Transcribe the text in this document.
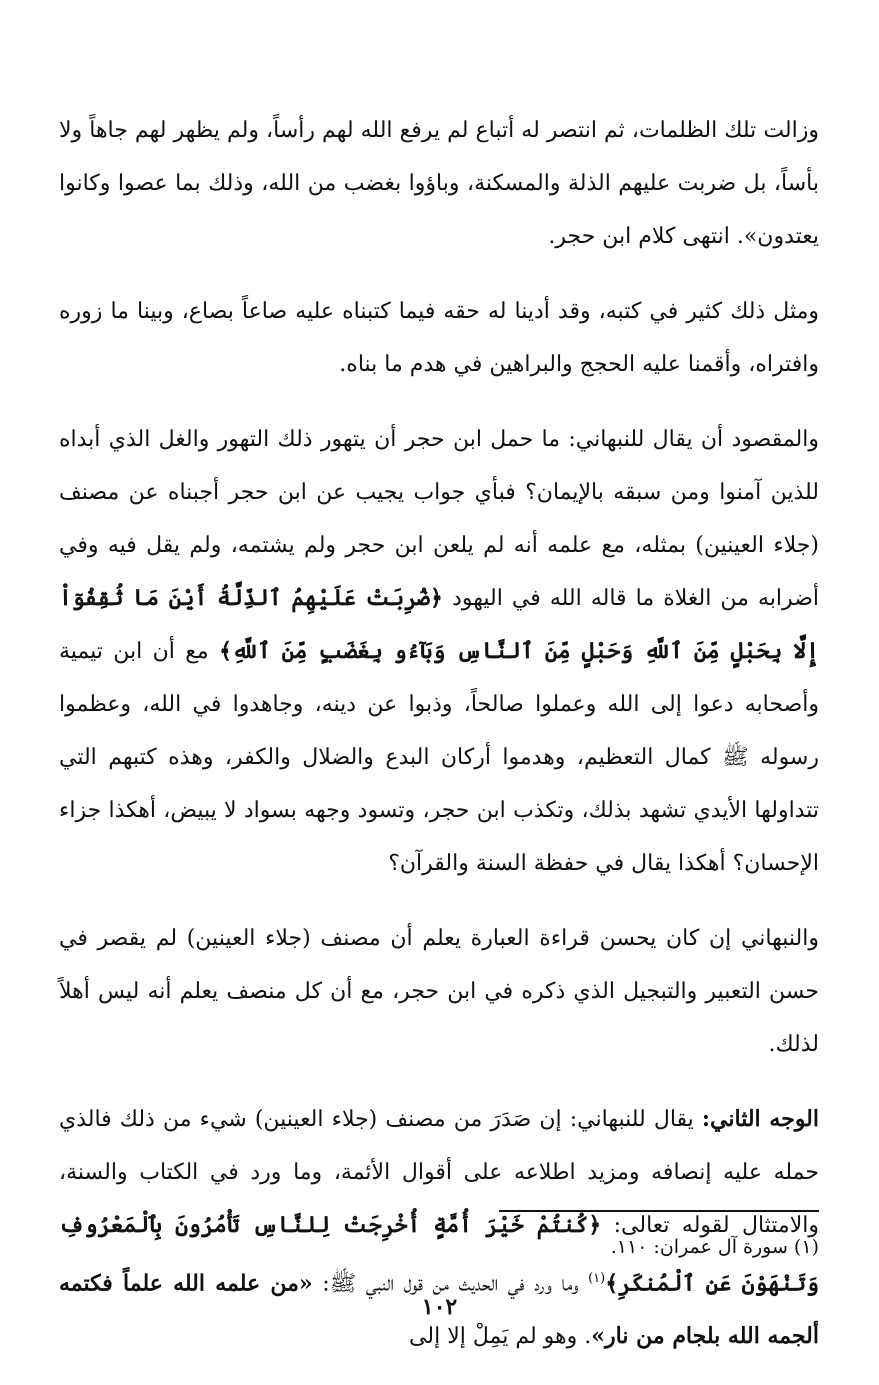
وزالت تلك الظلمات، ثم انتصر له أتباع لم يرفع الله لهم رأساً، ولم يظهر لهم جاهاً ولا بأساً، بل ضربت عليهم الذلة والمسكنة، وباؤوا بغضب من الله، وذلك بما عصوا وكانوا يعتدون». انتهى كلام ابن حجر.

ومثل ذلك كثير في كتبه، وقد أدينا له حقه فيما كتبناه عليه صاعاً بصاع، وبينا ما زوره وافتراه، وأقمنا عليه الحجج والبراهين في هدم ما بناه.

والمقصود أن يقال للنبهاني: ما حمل ابن حجر أن يتهور ذلك التهور والغل الذي أبداه للذين آمنوا ومن سبقه بالإيمان؟ فبأي جواب يجيب عن ابن حجر أجبناه عن مصنف (جلاء العينين) بمثله، مع علمه أنه لم يلعن ابن حجر ولم يشتمه، ولم يقل فيه وفي أضرابه من الغلاة ما قاله الله في اليهود ﴿ضُرِبَتْ عَلَيْهِمُ ٱلذِّلَّةُ أَيْنَ مَا ثُقِفُوٓاْ إِلَّا بِحَبْلٍ مِّنَ ٱللَّهِ وَحَبْلٍ مِّنَ ٱلنَّاسِ وَبَآءُو بِغَضَبٍ مِّنَ ٱللَّهِ﴾ مع أن ابن تيمية وأصحابه دعوا إلى الله وعملوا صالحاً، وذبوا عن دينه، وجاهدوا في الله، وعظموا رسوله ﷺ كمال التعظيم، وهدموا أركان البدع والضلال والكفر، وهذه كتبهم التي تتداولها الأيدي تشهد بذلك، وتكذب ابن حجر، وتسود وجهه بسواد لا يبيض، أهكذا جزاء الإحسان؟ أهكذا يقال في حفظة السنة والقرآن؟

والنبهاني إن كان يحسن قراءة العبارة يعلم أن مصنف (جلاء العينين) لم يقصر في حسن التعبير والتبجيل الذي ذكره في ابن حجر، مع أن كل منصف يعلم أنه ليس أهلاً لذلك.

الوجه الثاني: يقال للنبهاني: إن صَدَرَ من مصنف (جلاء العينين) شيء من ذلك فالذي حمله عليه إنصافه ومزيد اطلاعه على أقوال الأئمة، وما ورد في الكتاب والسنة، والامتثال لقوله تعالى: ﴿كُنتُمْ خَيْرَ أُمَّةٍ أُخْرِجَتْ لِلنَّاسِ تَأْمُرُونَ بِٱلْمَعْرُوفِ وَتَنْهَوْنَ عَنِ ٱلْمُنكَرِ﴾$^{(١)}$ وما ورد في الحديث من قول النبي ﷺ: «من علمه الله علماً فكتمه ألجمه الله بلجام من نار». وهو لم يَمِلْ إلا إلى

(١) سورة آل عمران: ١١٠.
١٠٢
